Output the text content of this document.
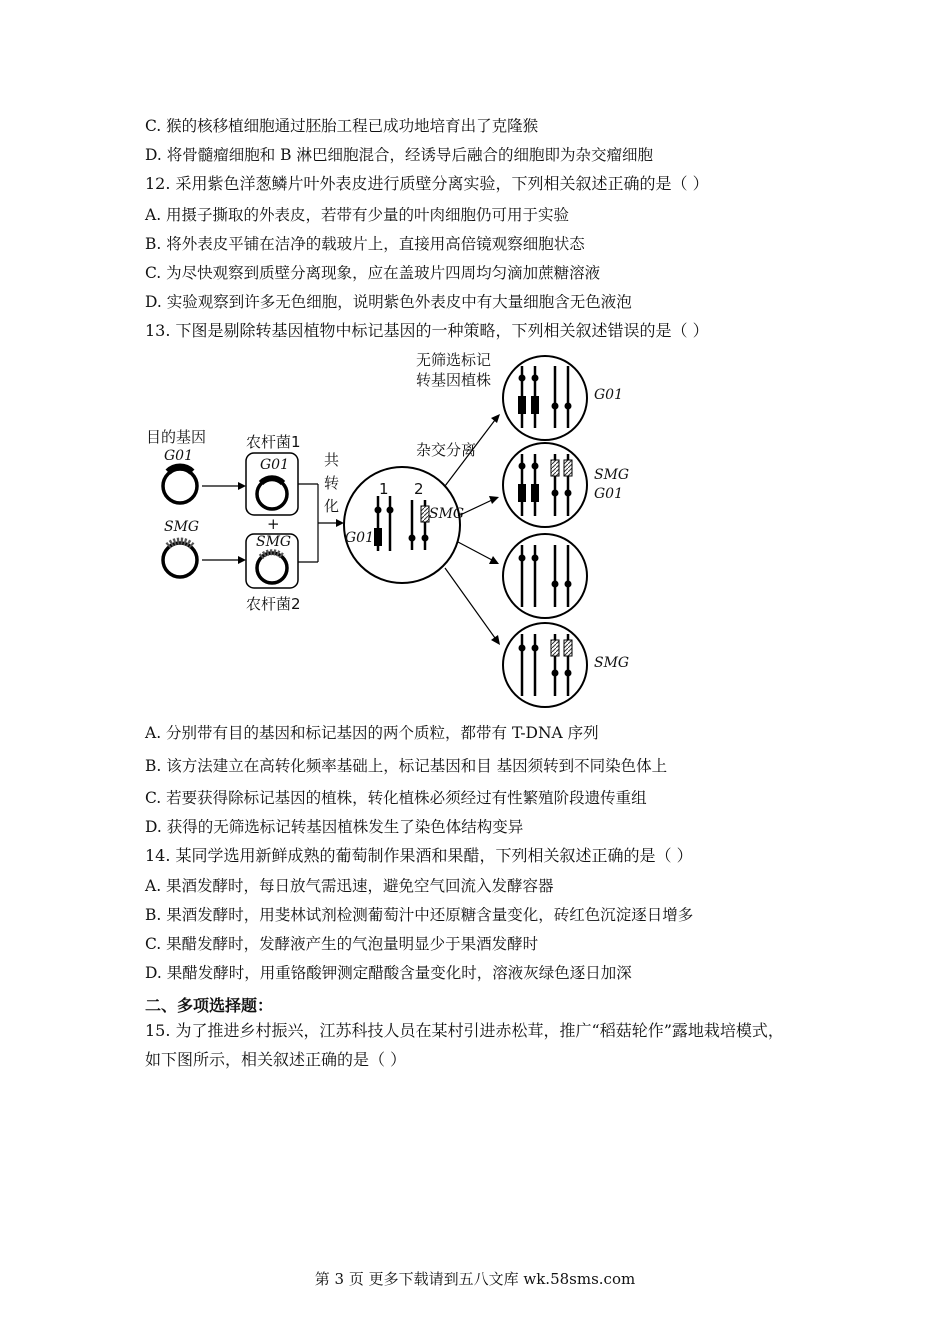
C. 猴的核移植细胞通过胚胎工程已成功地培育出了克隆猴
D. 将骨髓瘤细胞和 B 淋巴细胞混合，经诱导后融合的细胞即为杂交瘤细胞
12. 采用紫色洋葱鳞片叶外表皮进行质壁分离实验，下列相关叙述正确的是（ ）
A. 用摄子撕取的外表皮，若带有少量的叶肉细胞仍可用于实验
B. 将外表皮平铺在洁净的载玻片上，直接用高倍镜观察细胞状态
C. 为尽快观察到质壁分离现象，应在盖玻片四周均匀滴加蔗糖溶液
D. 实验观察到许多无色细胞，说明紫色外表皮中有大量细胞含无色液泡
13. 下图是剔除转基因植物中标记基因的一种策略，下列相关叙述错误的是（ ）
目的基因
G01
SMG
农杆菌1
G01
+
SMG
农杆菌2
共
转
化
1 2
G01
SMG
杂交分离
无筛选标记
转基因植株
G01
SMG
G01
SMG
A. 分别带有目的基因和标记基因的两个质粒，都带有 T-DNA 序列
B. 该方法建立在高转化频率基础上，标记基因和目 基因须转到不同染色体上
C. 若要获得除标记基因的植株，转化植株必须经过有性繁殖阶段遗传重组
D. 获得的无筛选标记转基因植株发生了染色体结构变异
14. 某同学选用新鲜成熟的葡萄制作果酒和果醋，下列相关叙述正确的是（ ）
A. 果酒发酵时，每日放气需迅速，避免空气回流入发酵容器
B. 果酒发酵时，用斐林试剂检测葡萄汁中还原糖含量变化，砖红色沉淀逐日增多
C. 果醋发酵时，发酵液产生的气泡量明显少于果酒发酵时
D. 果醋发酵时，用重铬酸钾测定醋酸含量变化时，溶液灰绿色逐日加深
二、多项选择题：
15. 为了推进乡村振兴，江苏科技人员在某村引进赤松茸，推广“稻菇轮作”露地栽培模式，
如下图所示，相关叙述正确的是（ ）
第 3 页 更多下载请到五八文库 wk.58sms.com
